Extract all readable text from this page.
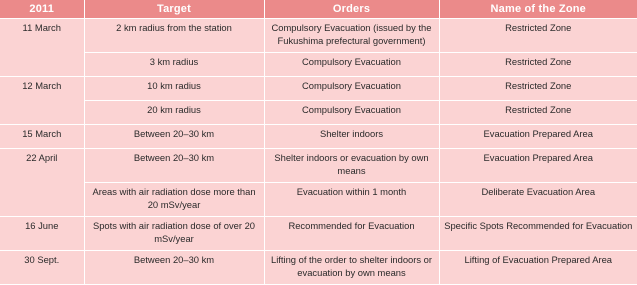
2011	Target	Orders	Name of the Zone
11 March	2 km radius from the station	Compulsory Evacuation (issued by the Fukushima prefectural government)	Restricted Zone
	3 km radius	Compulsory Evacuation	Restricted Zone
12 March	10 km radius	Compulsory Evacuation	Restricted Zone
	20 km radius	Compulsory Evacuation	Restricted Zone
15 March	Between 20–30 km	Shelter indoors	Evacuation Prepared Area
22 April	Between 20–30 km	Shelter indoors or evacuation by own means	Evacuation Prepared Area
	Areas with air radiation dose more than 20 mSv/year	Evacuation within 1 month	Deliberate Evacuation Area
16 June	Spots with air radiation dose of over 20 mSv/year	Recommended for Evacuation	Specific Spots Recommended for Evacuation
30 Sept.	Between 20–30 km	Lifting of the order to shelter indoors or evacuation by own means	Lifting of Evacuation Prepared Area
